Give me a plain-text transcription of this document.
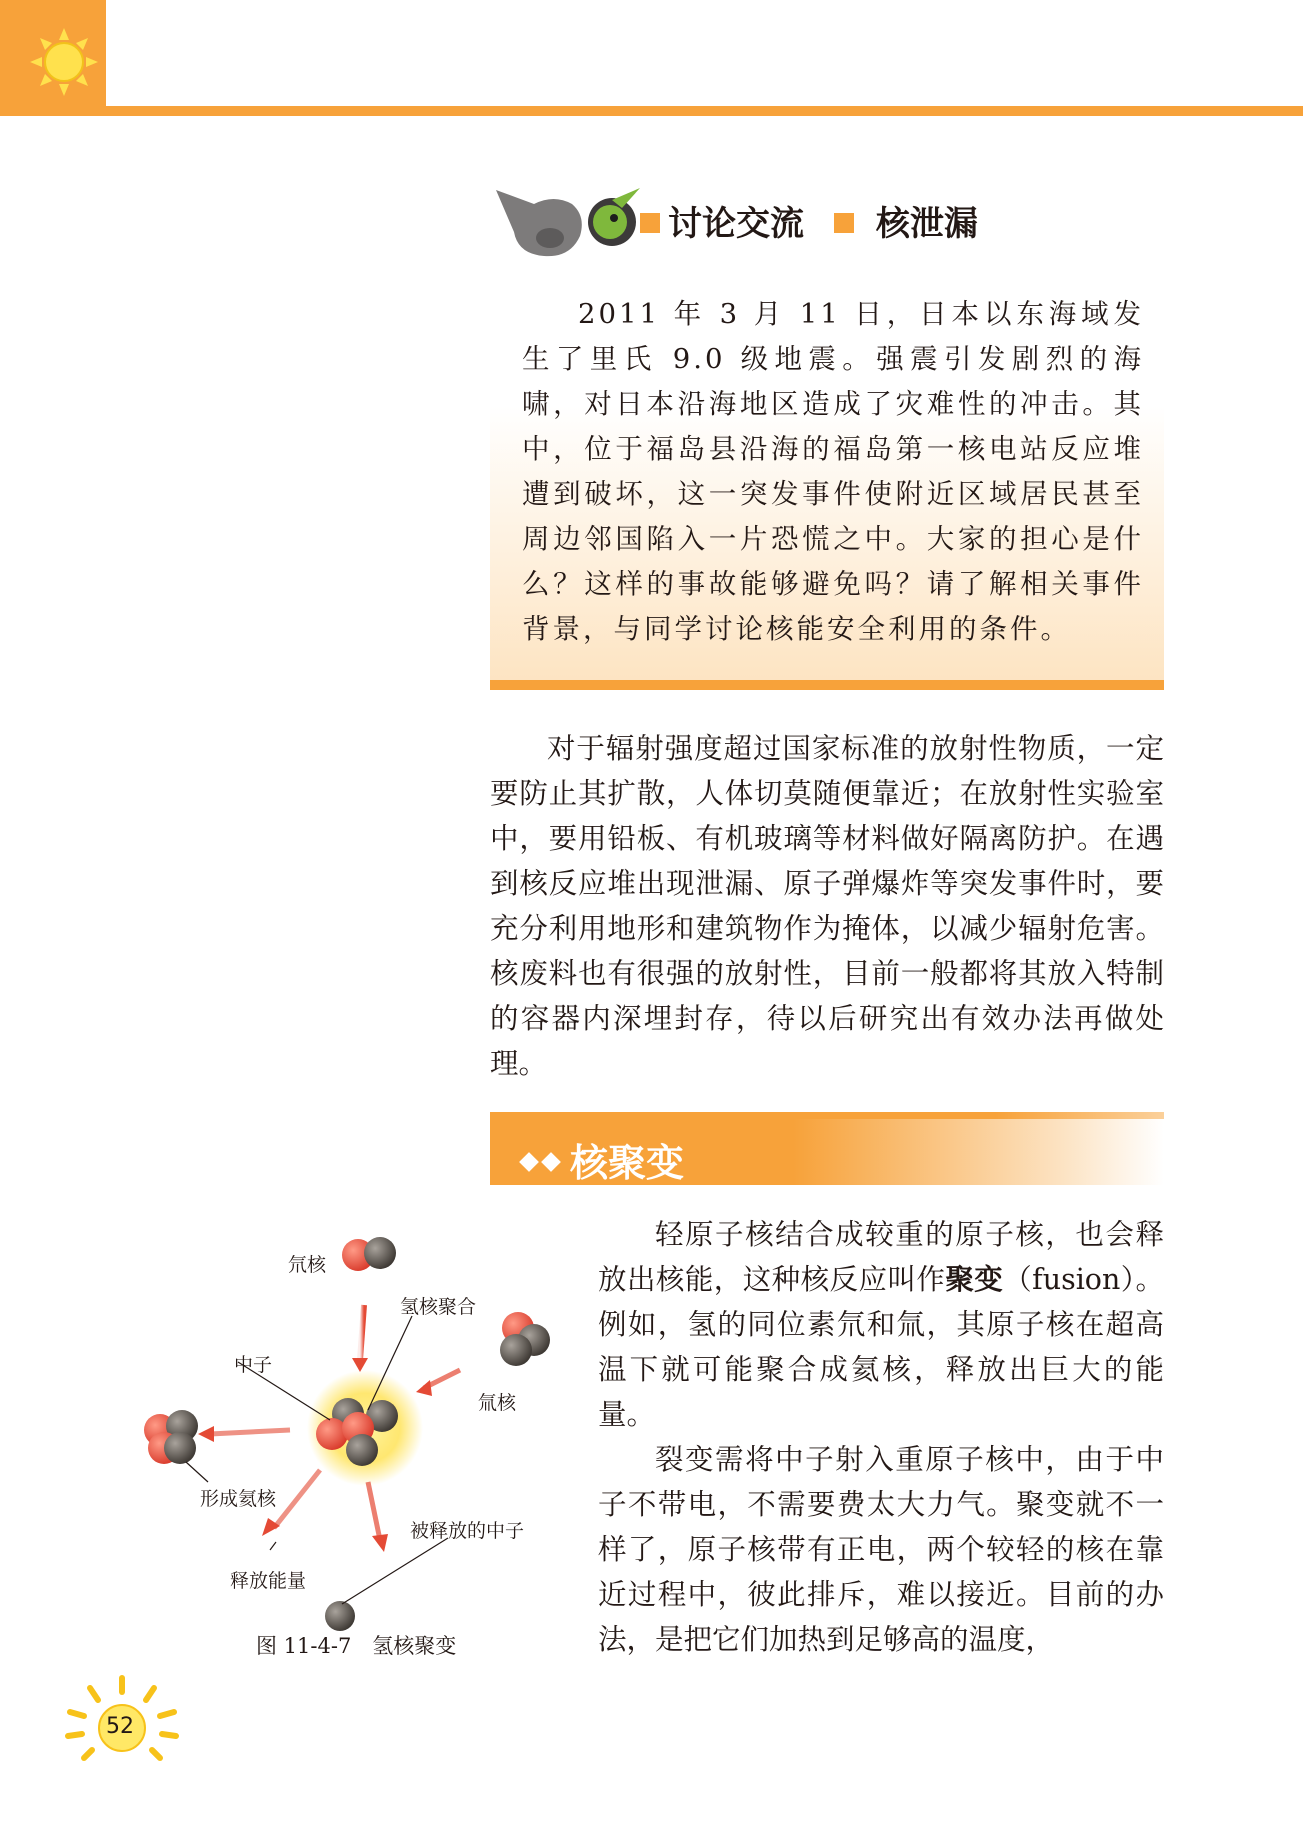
讨论交流 核泄漏

2011 年 3 月 11 日，日本以东海域发生了里氏 9.0 级地震。强震引发剧烈的海啸，对日本沿海地区造成了灾难性的冲击。其中，位于福岛县沿海的福岛第一核电站反应堆遭到破坏，这一突发事件使附近区域居民甚至周边邻国陷入一片恐慌之中。大家的担心是什么？这样的事故能够避免吗？请了解相关事件背景，与同学讨论核能安全利用的条件。

对于辐射强度超过国家标准的放射性物质，一定要防止其扩散，人体切莫随便靠近；在放射性实验室中，要用铅板、有机玻璃等材料做好隔离防护。在遇到核反应堆出现泄漏、原子弹爆炸等突发事件时，要充分利用地形和建筑物作为掩体，以减少辐射危害。核废料也有很强的放射性，目前一般都将其放入特制的容器内深埋封存，待以后研究出有效办法再做处理。

核聚变

轻原子核结合成较重的原子核，也会释放出核能，这种核反应叫作聚变（fusion）。例如，氢的同位素氘和氚，其原子核在超高温下就可能聚合成氦核，释放出巨大的能量。

裂变需将中子射入重原子核中，由于中子不带电，不需要费太大力气。聚变就不一样了，原子核带有正电，两个较轻的核在靠近过程中，彼此排斥，难以接近。目前的办法，是把它们加热到足够高的温度，

氘核
氢核聚合
中子
氚核
形成氦核
被释放的中子
释放能量
图 11-4-7　氢核聚变
52
